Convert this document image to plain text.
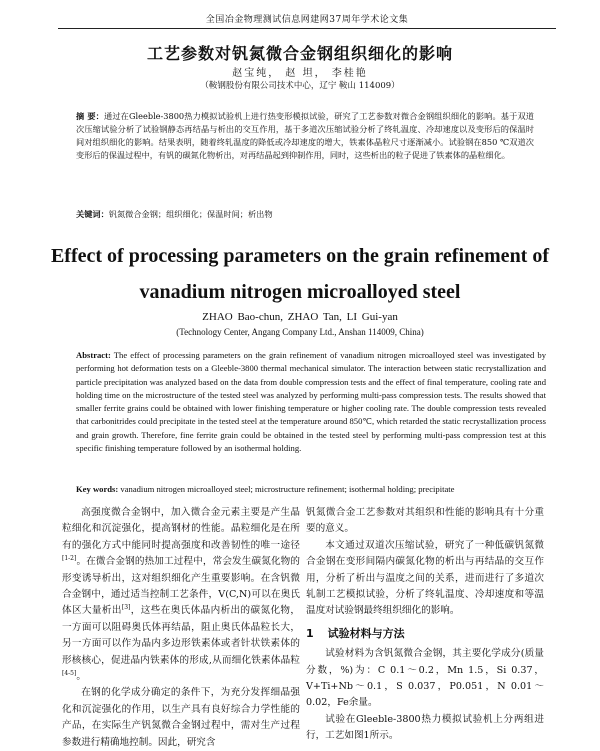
全国冶金物理测试信息网建网37周年学术论文集
工艺参数对钒氮微合金钢组织细化的影响
赵宝纯， 赵 坦， 李桂艳
（鞍钢股份有限公司技术中心，辽宁 鞍山 114009）
摘 要：通过在Gleeble-3800热力模拟试验机上进行热变形模拟试验，研究了工艺参数对微合金钢组织细化的影响。基于双道次压缩试验分析了试验钢静态再结晶与析出的交互作用，基于多道次压缩试验分析了终轧温度、冷却速度以及变形后的保温时间对组织细化的影响。结果表明，随着终轧温度的降低或冷却速度的增大，铁素体晶粒尺寸逐渐减小。试验钢在850 ℃双道次变形后的保温过程中，有钒的碳氮化物析出，对再结晶起到抑制作用，同时，这些析出的粒子促进了铁素体的晶粒细化。
关键词：钒氮微合金钢；组织细化；保温时间；析出物
Effect of processing parameters on the grain refinement of
vanadium nitrogen microalloyed steel
ZHAO Bao-chun, ZHAO Tan, LI Gui-yan
(Technology Center, Angang Company Ltd., Anshan 114009, China)
Abstract: The effect of processing parameters on the grain refinement of vanadium nitrogen microalloyed steel was investigated by performing hot deformation tests on a Gleeble-3800 thermal mechanical simulator. The interaction between static recrystallization and particle precipitation was analyzed based on the data from double compression tests and the effect of final temperature, cooling rate and holding time on the microstructure of the tested steel was analyzed by performing multi-pass compression tests. The results showed that smaller ferrite grains could be obtained with lower finishing temperature or higher cooling rate. The double compression tests revealed that carbonitrides could precipitate in the tested steel at the temperature around 850℃, which retarded the static recrystallization process and grain growth. Therefore, fine ferrite grain could be obtained in the tested steel by performing multi-pass compression test at this specific finishing temperature followed by an isothermal holding.
Key words: vanadium nitrogen microalloyed steel; microstructure refinement; isothermal holding; precipitate

高强度微合金钢中，加入微合金元素主要是产生晶粒细化和沉淀强化，提高钢材的性能。晶粒细化是在所有的强化方式中能同时提高强度和改善韧性的唯一途径[1-2]。在微合金钢的热加工过程中，常会发生碳氮化物的形变诱导析出，这对组织细化产生重要影响。在含钒微合金钢中，通过适当控制工艺条件，V(C,N)可以在奥氏体区大量析出[3]，这些在奥氏体晶内析出的碳氮化物，一方面可以阻碍奥氏体再结晶，阻止奥氏体晶粒长大，另一方面可以作为晶内多边形铁素体或者针状铁素体的形核核心，促进晶内铁素体的形成,从而细化铁素体晶粒[4-5]。

在钢的化学成分确定的条件下，为充分发挥细晶强化和沉淀强化的作用，以生产具有良好综合力学性能的产品，在实际生产钒氮微合金钢过程中，需对生产过程参数进行精确地控制。因此，研究含

钒氮微合金工艺参数对其组织和性能的影响具有十分重要的意义。

本文通过双道次压缩试验，研究了一种低碳钒氮微合金钢在变形间隔内碳氮化物的析出与再结晶的交互作用，分析了析出与温度之间的关系，进而进行了多道次轧制工艺模拟试验，分析了终轧温度、冷却速度和等温温度对试验钢最终组织细化的影响。

1 试验材料与方法

试验材料为含钒氮微合金钢，其主要化学成分(质量分数，%)为：C 0.1～0.2，Mn 1.5，Si 0.37，V+Ti+Nb～0.1，S 0.037，P0.051，N 0.01～0.02，Fe余量。

试验在Gleeble-3800热力模拟试验机上分两组进行，工艺如图1所示。
